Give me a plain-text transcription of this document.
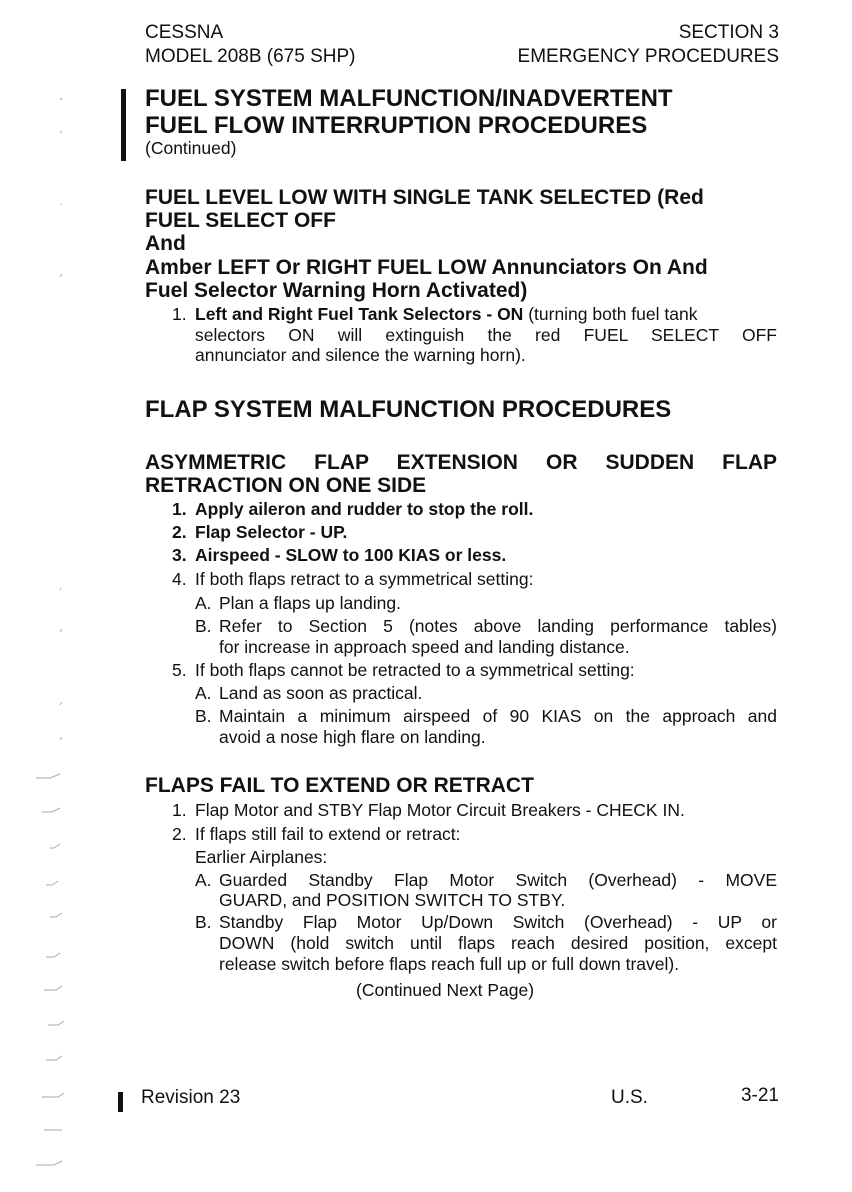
CESSNA
MODEL 208B (675 SHP)
SECTION 3
EMERGENCY PROCEDURES
FUEL SYSTEM MALFUNCTION/INADVERTENT
FUEL FLOW INTERRUPTION PROCEDURES
(Continued)
FUEL LEVEL LOW WITH SINGLE TANK SELECTED (Red
FUEL SELECT OFF
And
Amber LEFT Or RIGHT FUEL LOW Annunciators On And
Fuel Selector Warning Horn Activated)
1. Left and Right Fuel Tank Selectors - ON (turning both fuel tank
selectors ON will extinguish the red FUEL SELECT OFF
annunciator and silence the warning horn).
FLAP SYSTEM MALFUNCTION PROCEDURES
ASYMMETRIC FLAP EXTENSION OR SUDDEN FLAP
RETRACTION ON ONE SIDE
1. Apply aileron and rudder to stop the roll.
2. Flap Selector - UP.
3. Airspeed - SLOW to 100 KIAS or less.
4. If both flaps retract to a symmetrical setting:
A. Plan a flaps up landing.
B. Refer to Section 5 (notes above landing performance tables)
for increase in approach speed and landing distance.
5. If both flaps cannot be retracted to a symmetrical setting:
A. Land as soon as practical.
B. Maintain a minimum airspeed of 90 KIAS on the approach and
avoid a nose high flare on landing.
FLAPS FAIL TO EXTEND OR RETRACT
1. Flap Motor and STBY Flap Motor Circuit Breakers - CHECK IN.
2. If flaps still fail to extend or retract:
Earlier Airplanes:
A. Guarded Standby Flap Motor Switch (Overhead) - MOVE
GUARD, and POSITION SWITCH TO STBY.
B. Standby Flap Motor Up/Down Switch (Overhead) - UP or
DOWN (hold switch until flaps reach desired position, except
release switch before flaps reach full up or full down travel).
(Continued Next Page)
Revision 23	U.S.	3-21
